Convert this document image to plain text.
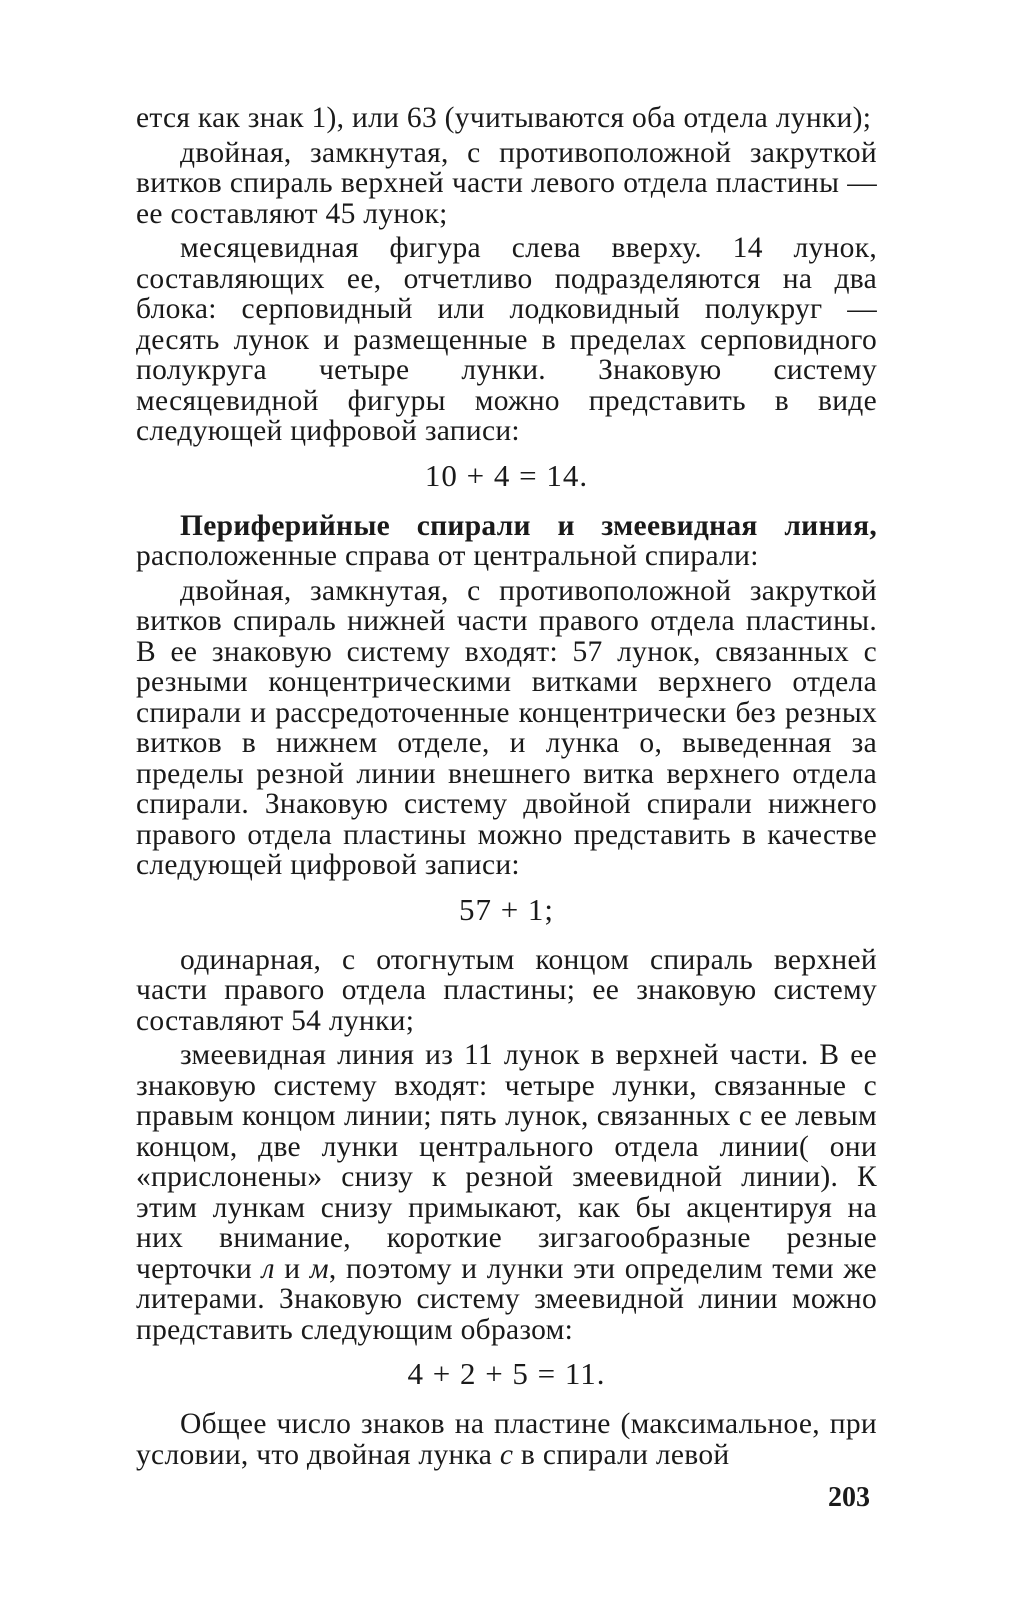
ется как знак 1), или 63 (учитываются оба отдела лунки);

двойная, замкнутая, с противоположной закруткой витков спираль верхней части левого отдела пластины — ее составляют 45 лунок;

месяцевидная фигура слева вверху. 14 лунок, составляющих ее, отчетливо подразделяются на два блока: серповидный или лодковидный полукруг — десять лунок и размещенные в пределах серповидного полукруга четыре лунки. Знаковую систему месяцевидной фигуры можно представить в виде следующей цифровой записи:

10 + 4 = 14.

Периферийные спирали и змеевидная линия, расположенные справа от центральной спирали:

двойная, замкнутая, с противоположной закруткой витков спираль нижней части правого отдела пластины. В ее знаковую систему входят: 57 лунок, связанных с резными концентрическими витками верхнего отдела спирали и рассредоточенные концентрически без резных витков в нижнем отделе, и лунка о, выведенная за пределы резной линии внешнего витка верхнего отдела спирали. Знаковую систему двойной спирали нижнего правого отдела пластины можно представить в качестве следующей цифровой записи:

57 + 1;

одинарная, с отогнутым концом спираль верхней части правого отдела пластины; ее знаковую систему составляют 54 лунки;

змеевидная линия из 11 лунок в верхней части. В ее знаковую систему входят: четыре лунки, связанные с правым концом линии; пять лунок, связанных с ее левым концом, две лунки центрального отдела линии( они «прислонены» снизу к резной змеевидной линии). К этим лункам снизу примыкают, как бы акцентируя на них внимание, короткие зигзагообразные резные черточки л и м, поэтому и лунки эти определим теми же литерами. Знаковую систему змеевидной линии можно представить следующим образом:

4 + 2 + 5 = 11.

Общее число знаков на пластине (максимальное, при условии, что двойная лунка с в спирали левой

203
